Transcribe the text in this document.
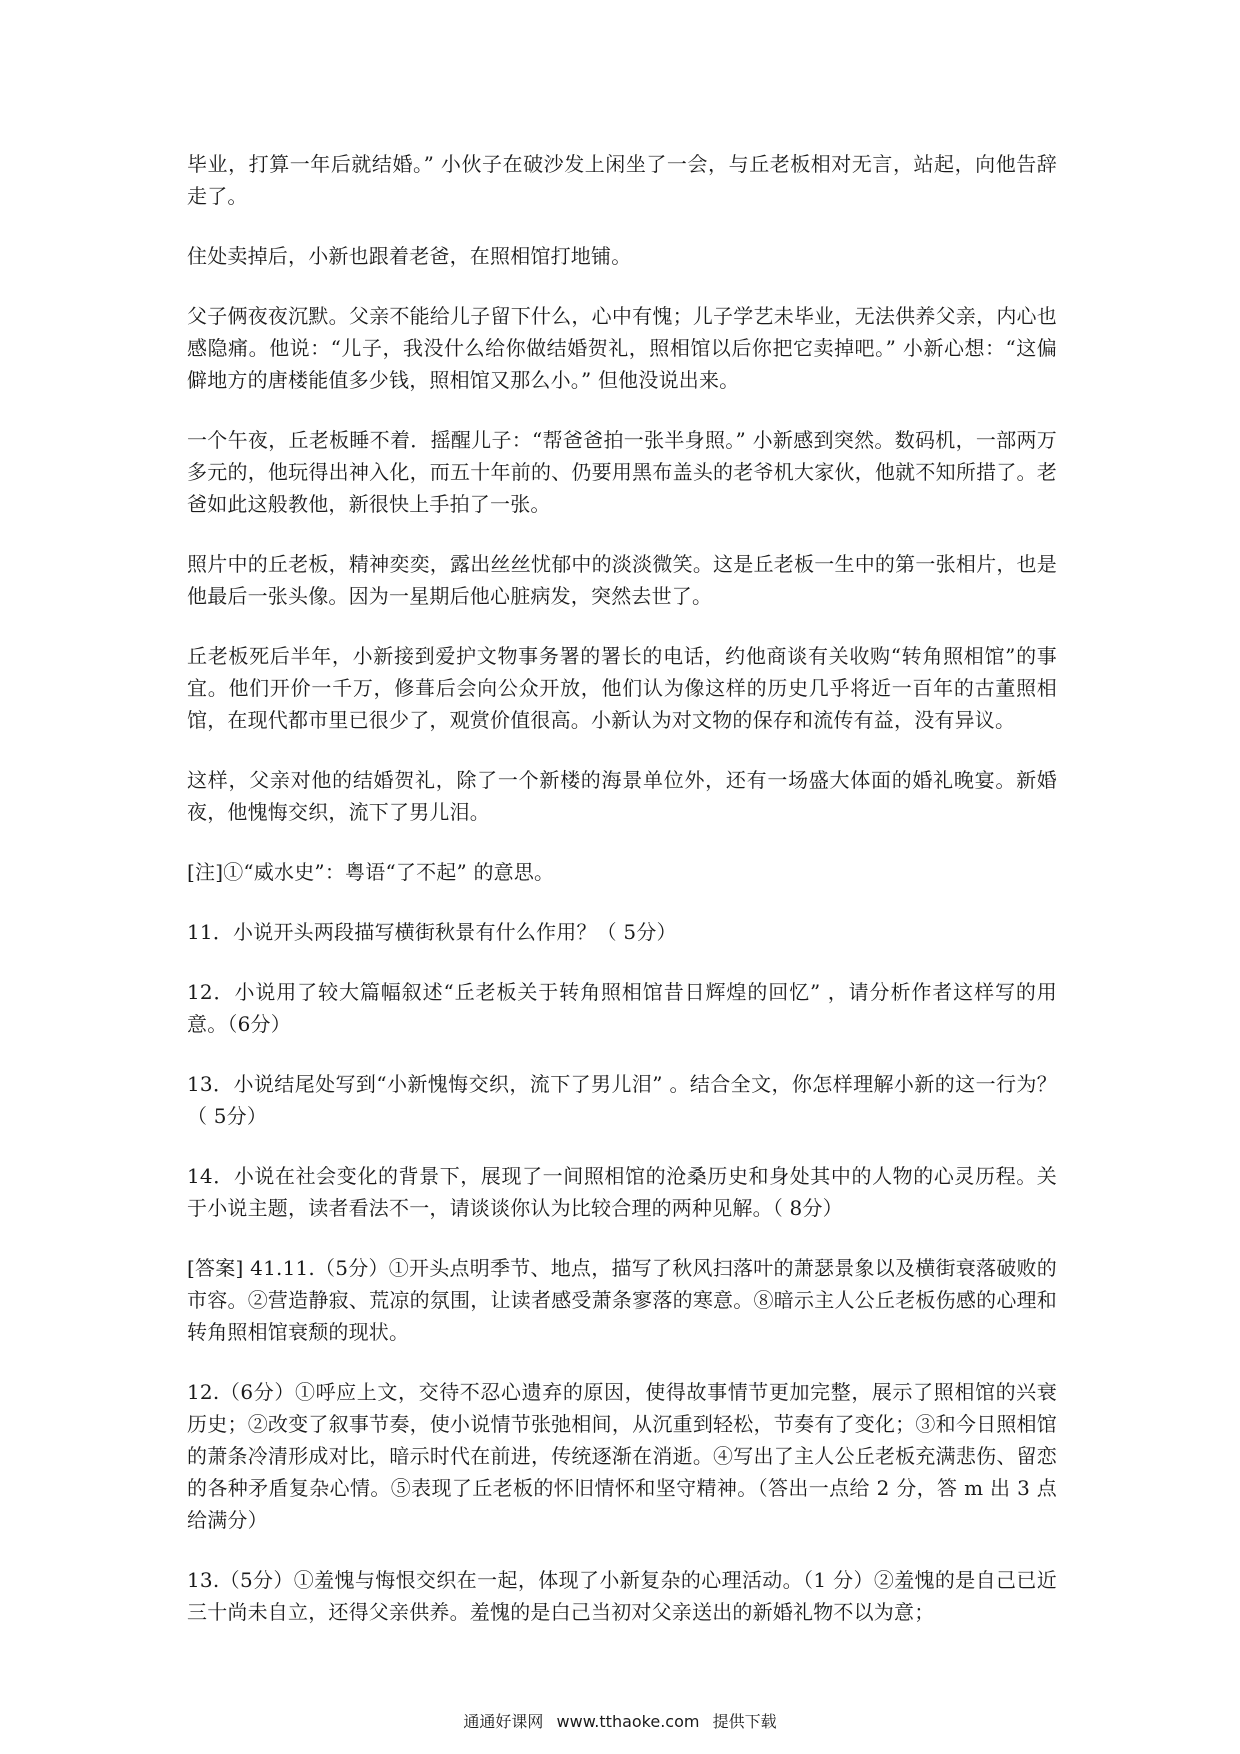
毕业，打算一年后就结婚。” 小伙子在破沙发上闲坐了一会，与丘老板相对无言，站起，向他告辞走了。

住处卖掉后，小新也跟着老爸，在照相馆打地铺。

父子俩夜夜沉默。父亲不能给儿子留下什么，心中有愧；儿子学艺未毕业，无法供养父亲，内心也感隐痛。他说：“儿子，我没什么给你做结婚贺礼，照相馆以后你把它卖掉吧。” 小新心想：“这偏僻地方的唐楼能值多少钱，照相馆又那么小。” 但他没说出来。

一个午夜，丘老板睡不着．摇醒儿子：“帮爸爸拍一张半身照。” 小新感到突然。数码机，一部两万多元的，他玩得出神入化，而五十年前的、仍要用黑布盖头的老爷机大家伙，他就不知所措了。老爸如此这般教他，新很快上手拍了一张。

照片中的丘老板，精神奕奕，露出丝丝忧郁中的淡淡微笑。这是丘老板一生中的第一张相片，也是他最后一张头像。因为一星期后他心脏病发，突然去世了。

丘老板死后半年，小新接到爱护文物事务署的署长的电话，约他商谈有关收购“转角照相馆”的事宜。他们开价一千万，修葺后会向公众开放，他们认为像这样的历史几乎将近一百年的古董照相馆，在现代都市里已很少了，观赏价值很高。小新认为对文物的保存和流传有益，没有异议。

这样，父亲对他的结婚贺礼，除了一个新楼的海景单位外，还有一场盛大体面的婚礼晚宴。新婚夜，他愧悔交织，流下了男儿泪。

[注]①“威水史”：粤语“了不起” 的意思。

11．小说开头两段描写横街秋景有什么作用？（ 5分）

12．小说用了较大篇幅叙述“丘老板关于转角照相馆昔日辉煌的回忆” ，请分析作者这样写的用意。（6分）

13．小说结尾处写到“小新愧悔交织，流下了男儿泪” 。结合全文，你怎样理解小新的这一行为？（ 5分）

14．小说在社会变化的背景下，展现了一间照相馆的沧桑历史和身处其中的人物的心灵历程。关于小说主题，读者看法不一，请谈谈你认为比较合理的两种见解。（ 8分）

[答案] 41.11.（5分）①开头点明季节、地点，描写了秋风扫落叶的萧瑟景象以及横街衰落破败的市容。②营造静寂、荒凉的氛围，让读者感受萧条寥落的寒意。⑧暗示主人公丘老板伤感的心理和转角照相馆衰颓的现状。

12.（6分）①呼应上文，交待不忍心遗弃的原因，使得故事情节更加完整，展示了照相馆的兴衰历史；②改变了叙事节奏，使小说情节张弛相间，从沉重到轻松，节奏有了变化；③和今日照相馆的萧条冷清形成对比，暗示时代在前进，传统逐渐在消逝。④写出了主人公丘老板充满悲伤、留恋的各种矛盾复杂心情。⑤表现了丘老板的怀旧情怀和坚守精神。（答出一点给 2 分，答 m 出 3 点给满分）

13.（5分）①羞愧与悔恨交织在一起，体现了小新复杂的心理活动。（1 分）②羞愧的是自己已近三十尚未自立，还得父亲供养。羞愧的是白己当初对父亲送出的新婚礼物不以为意；

通通好课网 www.tthaoke.com 提供下载
